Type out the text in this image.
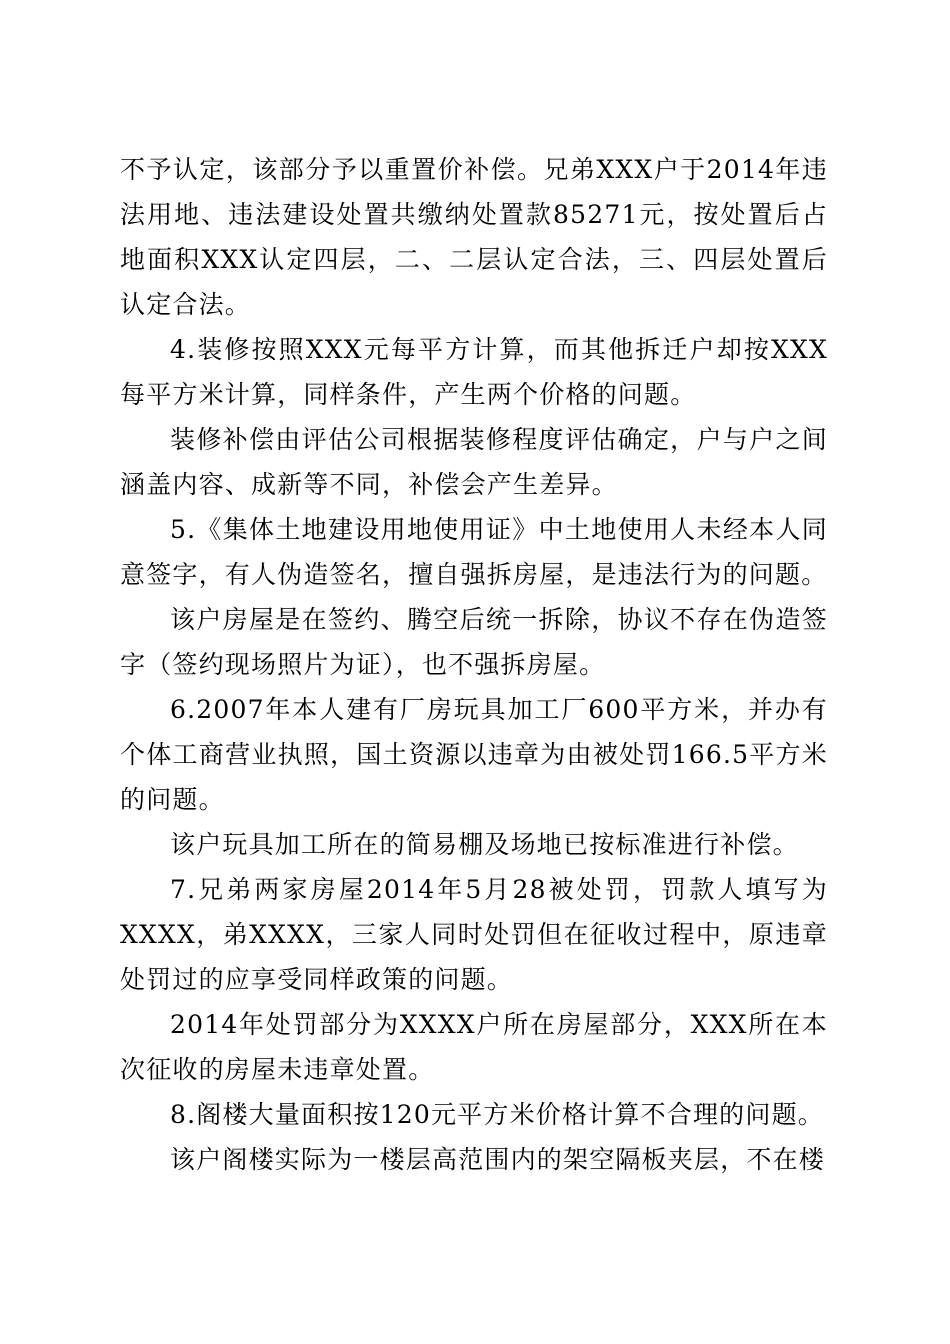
不予认定，该部分予以重置价补偿。兄弟XXX户于2014年违法用地、违法建设处置共缴纳处置款85271元，按处置后占地面积XXX认定四层，二、二层认定合法，三、四层处置后认定合法。

4.装修按照XXX元每平方计算，而其他拆迁户却按XXX每平方米计算，同样条件，产生两个价格的问题。

装修补偿由评估公司根据装修程度评估确定，户与户之间涵盖内容、成新等不同，补偿会产生差异。

5.《集体土地建设用地使用证》中土地使用人未经本人同意签字，有人伪造签名，擅自强拆房屋，是违法行为的问题。

该户房屋是在签约、腾空后统一拆除，协议不存在伪造签字（签约现场照片为证），也不强拆房屋。

6.2007年本人建有厂房玩具加工厂600平方米，并办有个体工商营业执照，国土资源以违章为由被处罚166.5平方米的问题。

该户玩具加工所在的简易棚及场地已按标准进行补偿。

7.兄弟两家房屋2014年5月28被处罚，罚款人填写为XXXX，弟XXXX，三家人同时处罚但在征收过程中，原违章处罚过的应享受同样政策的问题。

2014年处罚部分为XXXX户所在房屋部分，XXX所在本次征收的房屋未违章处置。

8.阁楼大量面积按120元平方米价格计算不合理的问题。

该户阁楼实际为一楼层高范围内的架空隔板夹层，不在楼
